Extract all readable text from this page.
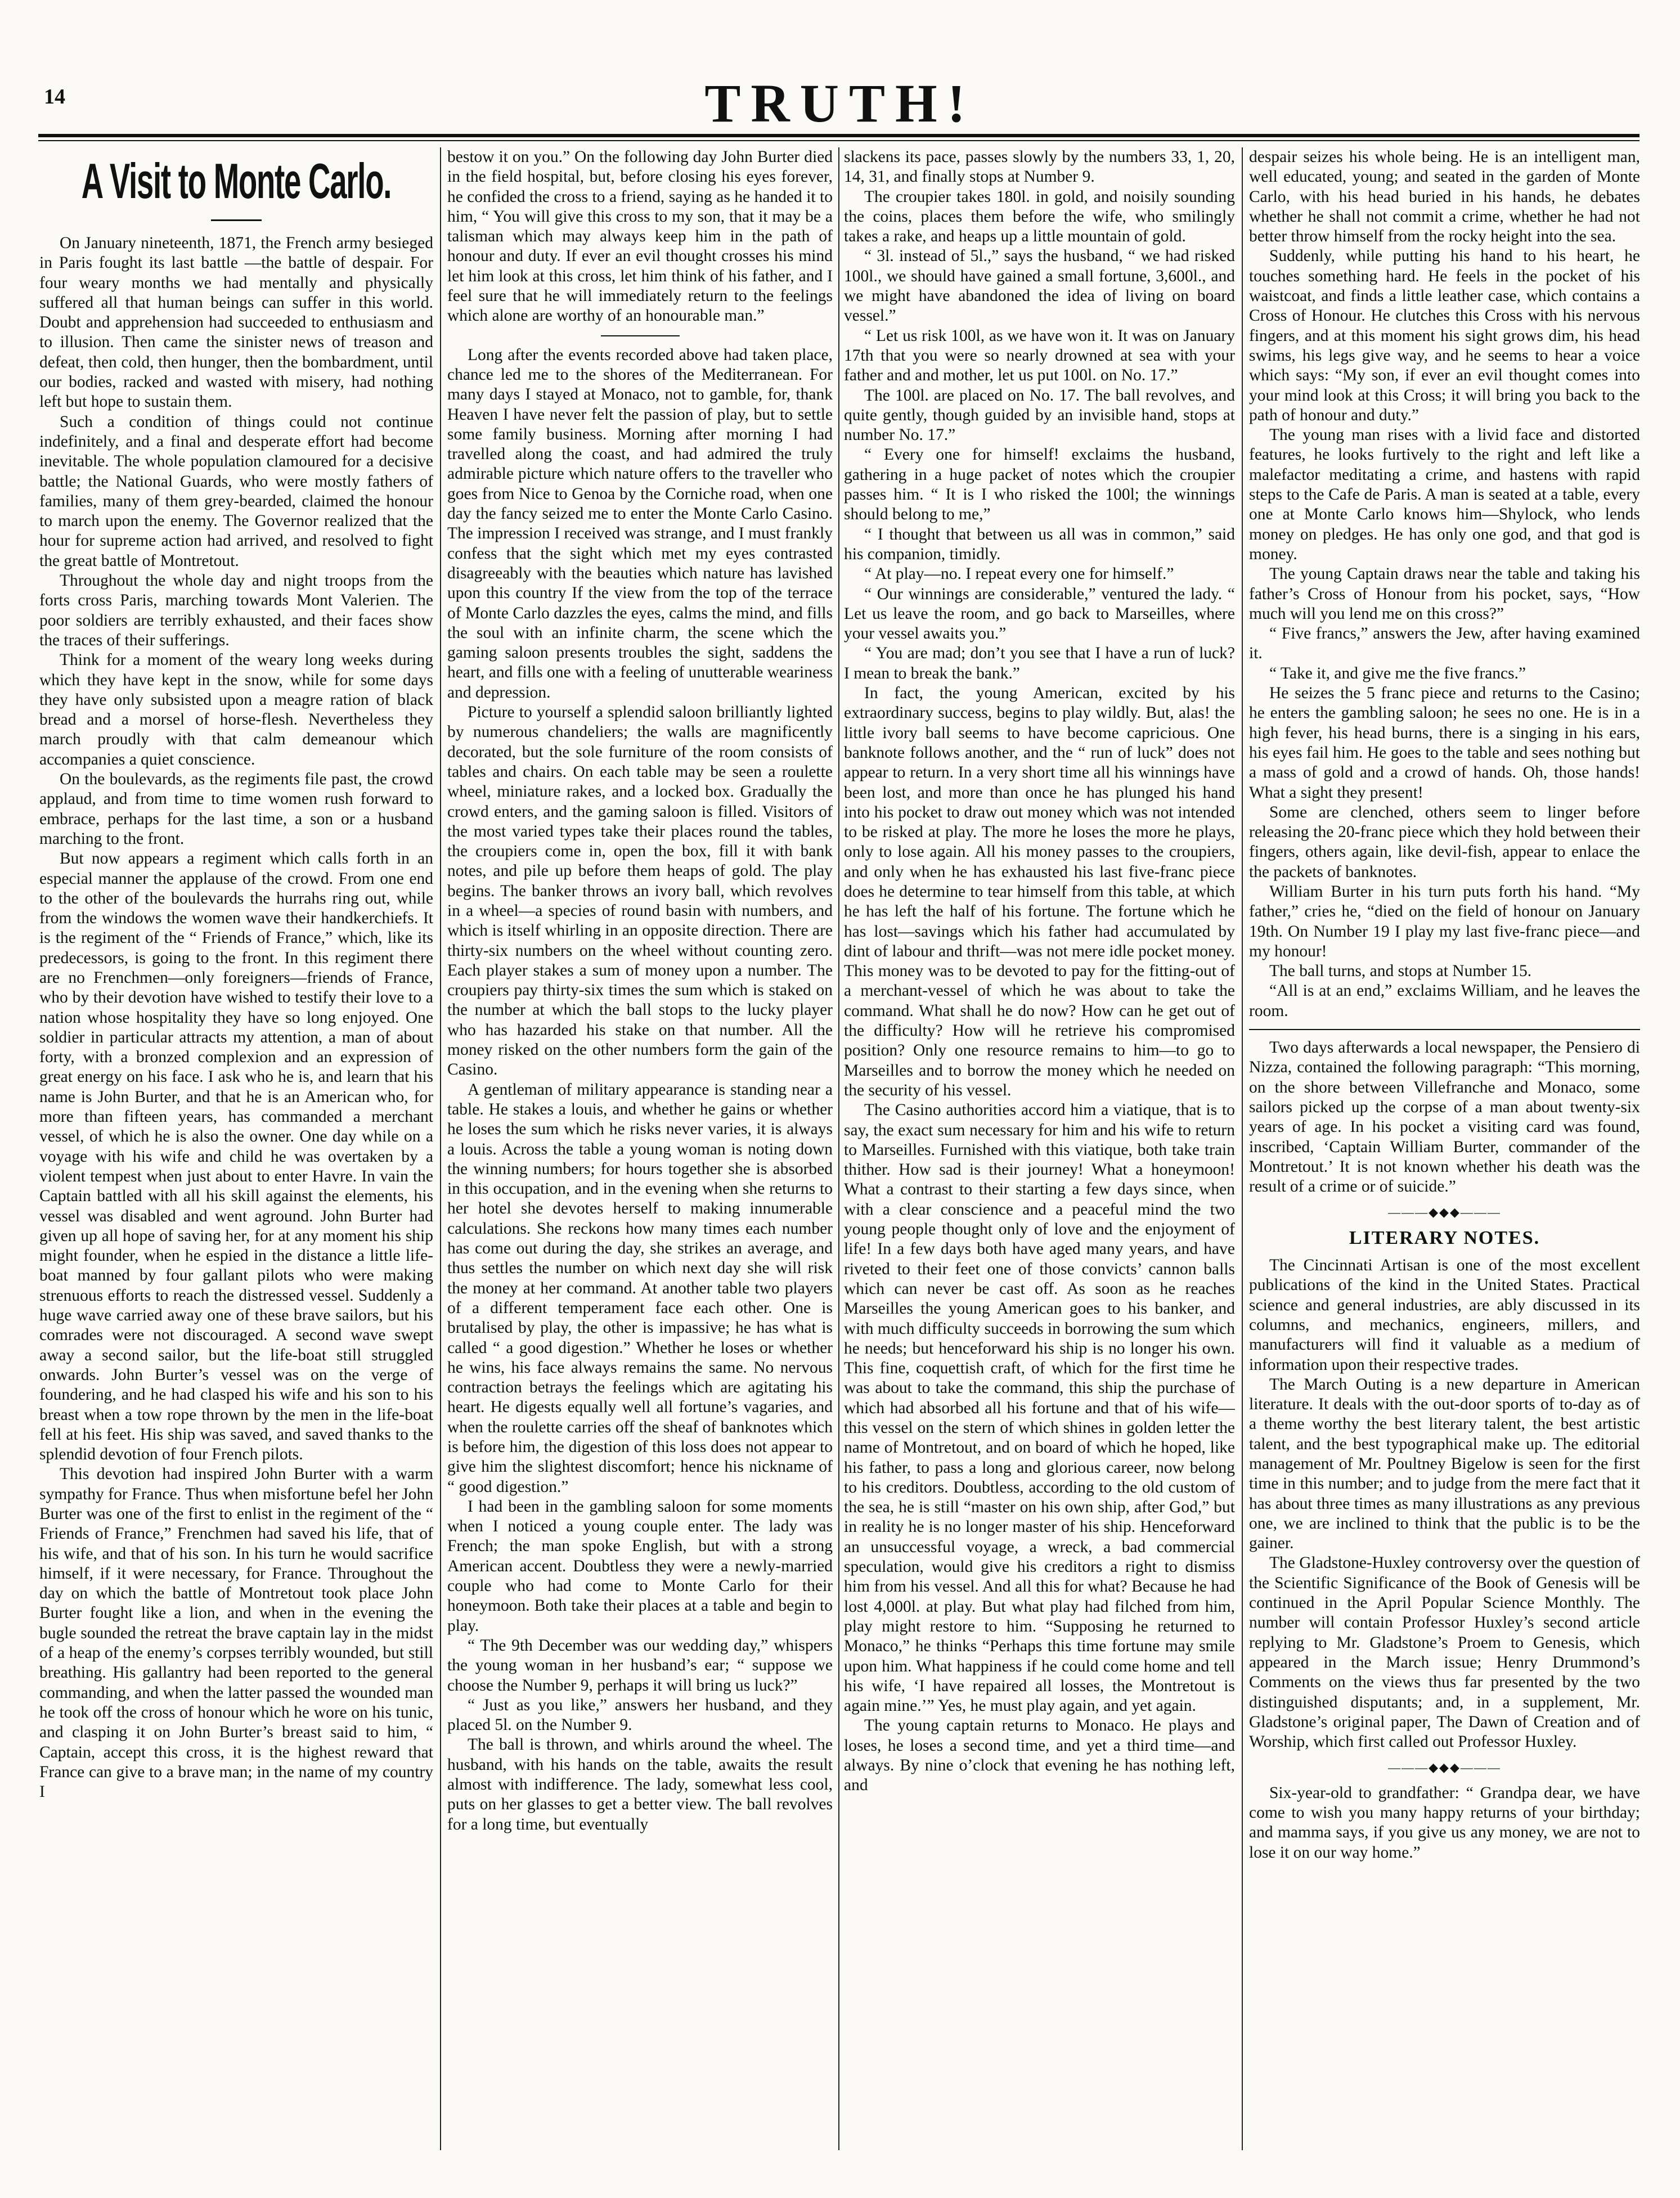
14	TRUTH!
A Visit to Monte Carlo.

On January nineteenth, 1871, the French army besieged in Paris fought its last battle —the battle of despair. For four weary months we had mentally and physically suffered all that human beings can suffer in this world. Doubt and apprehension had succeeded to enthusiasm and to illusion. Then came the sinister news of treason and defeat, then cold, then hunger, then the bombardment, until our bodies, racked and wasted with misery, had nothing left but hope to sustain them.

Such a condition of things could not continue indefinitely, and a final and desperate effort had become inevitable. The whole population clamoured for a decisive battle; the National Guards, who were mostly fathers of families, many of them grey-bearded, claimed the honour to march upon the enemy. The Governor realized that the hour for supreme action had arrived, and resolved to fight the great battle of Montretout.

Throughout the whole day and night troops from the forts cross Paris, marching towards Mont Valerien. The poor soldiers are terribly exhausted, and their faces show the traces of their sufferings.

Think for a moment of the weary long weeks during which they have kept in the snow, while for some days they have only subsisted upon a meagre ration of black bread and a morsel of horse-flesh. Nevertheless they march proudly with that calm demeanour which accompanies a quiet conscience.

On the boulevards, as the regiments file past, the crowd applaud, and from time to time women rush forward to embrace, perhaps for the last time, a son or a husband marching to the front.

But now appears a regiment which calls forth in an especial manner the applause of the crowd. From one end to the other of the boulevards the hurrahs ring out, while from the windows the women wave their handkerchiefs. It is the regiment of the “ Friends of France,” which, like its predecessors, is going to the front. In this regiment there are no Frenchmen—only foreigners—friends of France, who by their devotion have wished to testify their love to a nation whose hospitality they have so long enjoyed. One soldier in particular attracts my attention, a man of about forty, with a bronzed complexion and an expression of great energy on his face. I ask who he is, and learn that his name is John Burter, and that he is an American who, for more than fifteen years, has commanded a merchant vessel, of which he is also the owner. One day while on a voyage with his wife and child he was overtaken by a violent tempest when just about to enter Havre. In vain the Captain battled with all his skill against the elements, his vessel was disabled and went aground. John Burter had given up all hope of saving her, for at any moment his ship might founder, when he espied in the distance a little life-boat manned by four gallant pilots who were making strenuous efforts to reach the distressed vessel. Suddenly a huge wave carried away one of these brave sailors, but his comrades were not discouraged. A second wave swept away a second sailor, but the life-boat still struggled onwards. John Burter’s vessel was on the verge of foundering, and he had clasped his wife and his son to his breast when a tow rope thrown by the men in the life-boat fell at his feet. His ship was saved, and saved thanks to the splendid devotion of four French pilots.

This devotion had inspired John Burter with a warm sympathy for France. Thus when misfortune befel her John Burter was one of the first to enlist in the regiment of the “ Friends of France,” Frenchmen had saved his life, that of his wife, and that of his son. In his turn he would sacrifice himself, if it were necessary, for France. Throughout the day on which the battle of Montretout took place John Burter fought like a lion, and when in the evening the bugle sounded the retreat the brave captain lay in the midst of a heap of the enemy’s corpses terribly wounded, but still breathing. His gallantry had been reported to the general commanding, and when the latter passed the wounded man he took off the cross of honour which he wore on his tunic, and clasping it on John Burter’s breast said to him, “ Captain, accept this cross, it is the highest reward that France can give to a brave man; in the name of my country I

bestow it on you.” On the following day John Burter died in the field hospital, but, before closing his eyes forever, he confided the cross to a friend, saying as he handed it to him, “ You will give this cross to my son, that it may be a talisman which may always keep him in the path of honour and duty. If ever an evil thought crosses his mind let him look at this cross, let him think of his father, and I feel sure that he will immediately return to the feelings which alone are worthy of an honourable man.”

Long after the events recorded above had taken place, chance led me to the shores of the Mediterranean. For many days I stayed at Monaco, not to gamble, for, thank Heaven I have never felt the passion of play, but to settle some family business. Morning after morning I had travelled along the coast, and had admired the truly admirable picture which nature offers to the traveller who goes from Nice to Genoa by the Corniche road, when one day the fancy seized me to enter the Monte Carlo Casino. The impression I received was strange, and I must frankly confess that the sight which met my eyes contrasted disagreeably with the beauties which nature has lavished upon this country If the view from the top of the terrace of Monte Carlo dazzles the eyes, calms the mind, and fills the soul with an infinite charm, the scene which the gaming saloon presents troubles the sight, saddens the heart, and fills one with a feeling of unutterable weariness and depression.

Picture to yourself a splendid saloon brilliantly lighted by numerous chandeliers; the walls are magnificently decorated, but the sole furniture of the room consists of tables and chairs. On each table may be seen a roulette wheel, miniature rakes, and a locked box. Gradually the crowd enters, and the gaming saloon is filled. Visitors of the most varied types take their places round the tables, the croupiers come in, open the box, fill it with bank notes, and pile up before them heaps of gold. The play begins. The banker throws an ivory ball, which revolves in a wheel—a species of round basin with numbers, and which is itself whirling in an opposite direction. There are thirty-six numbers on the wheel without counting zero. Each player stakes a sum of money upon a number. The croupiers pay thirty-six times the sum which is staked on the number at which the ball stops to the lucky player who has hazarded his stake on that number. All the money risked on the other numbers form the gain of the Casino.

A gentleman of military appearance is standing near a table. He stakes a louis, and whether he gains or whether he loses the sum which he risks never varies, it is always a louis. Across the table a young woman is noting down the winning numbers; for hours together she is absorbed in this occupation, and in the evening when she returns to her hotel she devotes herself to making innumerable calculations. She reckons how many times each number has come out during the day, she strikes an average, and thus settles the number on which next day she will risk the money at her command. At another table two players of a different temperament face each other. One is brutalised by play, the other is impassive; he has what is called “ a good digestion.” Whether he loses or whether he wins, his face always remains the same. No nervous contraction betrays the feelings which are agitating his heart. He digests equally well all fortune’s vagaries, and when the roulette carries off the sheaf of banknotes which is before him, the digestion of this loss does not appear to give him the slightest discomfort; hence his nickname of “ good digestion.”

I had been in the gambling saloon for some moments when I noticed a young couple enter. The lady was French; the man spoke English, but with a strong American accent. Doubtless they were a newly-married couple who had come to Monte Carlo for their honeymoon. Both take their places at a table and begin to play.

“ The 9th December was our wedding day,” whispers the young woman in her husband’s ear; “ suppose we choose the Number 9, perhaps it will bring us luck?”

“ Just as you like,” answers her husband, and they placed 5l. on the Number 9.

The ball is thrown, and whirls around the wheel. The husband, with his hands on the table, awaits the result almost with indifference. The lady, somewhat less cool, puts on her glasses to get a better view. The ball revolves for a long time, but eventually

slackens its pace, passes slowly by the numbers 33, 1, 20, 14, 31, and finally stops at Number 9.

The croupier takes 180l. in gold, and noisily sounding the coins, places them before the wife, who smilingly takes a rake, and heaps up a little mountain of gold.

“ 3l. instead of 5l.,” says the husband, “ we had risked 100l., we should have gained a small fortune, 3,600l., and we might have abandoned the idea of living on board vessel.”

“ Let us risk 100l, as we have won it. It was on January 17th that you were so nearly drowned at sea with your father and and mother, let us put 100l. on No. 17.”

The 100l. are placed on No. 17. The ball revolves, and quite gently, though guided by an invisible hand, stops at number No. 17.”

“ Every one for himself! exclaims the husband, gathering in a huge packet of notes which the croupier passes him. “ It is I who risked the 100l; the winnings should belong to me,”

“ I thought that between us all was in common,” said his companion, timidly.

“ At play—no. I repeat every one for himself.”

“ Our winnings are considerable,” ventured the lady. “ Let us leave the room, and go back to Marseilles, where your vessel awaits you.”

“ You are mad; don’t you see that I have a run of luck? I mean to break the bank.”

In fact, the young American, excited by his extraordinary success, begins to play wildly. But, alas! the little ivory ball seems to have become capricious. One banknote follows another, and the “ run of luck” does not appear to return. In a very short time all his winnings have been lost, and more than once he has plunged his hand into his pocket to draw out money which was not intended to be risked at play. The more he loses the more he plays, only to lose again. All his money passes to the croupiers, and only when he has exhausted his last five-franc piece does he determine to tear himself from this table, at which he has left the half of his fortune. The fortune which he has lost—savings which his father had accumulated by dint of labour and thrift—was not mere idle pocket money. This money was to be devoted to pay for the fitting-out of a merchant-vessel of which he was about to take the command. What shall he do now? How can he get out of the difficulty? How will he retrieve his compromised position? Only one resource remains to him—to go to Marseilles and to borrow the money which he needed on the security of his vessel.

The Casino authorities accord him a viatique, that is to say, the exact sum necessary for him and his wife to return to Marseilles. Furnished with this viatique, both take train thither. How sad is their journey! What a honeymoon! What a contrast to their starting a few days since, when with a clear conscience and a peaceful mind the two young people thought only of love and the enjoyment of life! In a few days both have aged many years, and have riveted to their feet one of those convicts’ cannon balls which can never be cast off. As soon as he reaches Marseilles the young American goes to his banker, and with much difficulty succeeds in borrowing the sum which he needs; but henceforward his ship is no longer his own. This fine, coquettish craft, of which for the first time he was about to take the command, this ship the purchase of which had absorbed all his fortune and that of his wife—this vessel on the stern of which shines in golden letter the name of Montretout, and on board of which he hoped, like his father, to pass a long and glorious career, now belong to his creditors. Doubtless, according to the old custom of the sea, he is still “master on his own ship, after God,” but in reality he is no longer master of his ship. Henceforward an unsuccessful voyage, a wreck, a bad commercial speculation, would give his creditors a right to dismiss him from his vessel. And all this for what? Because he had lost 4,000l. at play. But what play had filched from him, play might restore to him. “Supposing he returned to Monaco,” he thinks “Perhaps this time fortune may smile upon him. What happiness if he could come home and tell his wife, ‘I have repaired all losses, the Montretout is again mine.’” Yes, he must play again, and yet again.

The young captain returns to Monaco. He plays and loses, he loses a second time, and yet a third time—and always. By nine o’clock that evening he has nothing left, and

despair seizes his whole being. He is an intelligent man, well educated, young; and seated in the garden of Monte Carlo, with his head buried in his hands, he debates whether he shall not commit a crime, whether he had not better throw himself from the rocky height into the sea.

Suddenly, while putting his hand to his heart, he touches something hard. He feels in the pocket of his waistcoat, and finds a little leather case, which contains a Cross of Honour. He clutches this Cross with his nervous fingers, and at this moment his sight grows dim, his head swims, his legs give way, and he seems to hear a voice which says: “My son, if ever an evil thought comes into your mind look at this Cross; it will bring you back to the path of honour and duty.”

The young man rises with a livid face and distorted features, he looks furtively to the right and left like a malefactor meditating a crime, and hastens with rapid steps to the Cafe de Paris. A man is seated at a table, every one at Monte Carlo knows him—Shylock, who lends money on pledges. He has only one god, and that god is money.

The young Captain draws near the table and taking his father’s Cross of Honour from his pocket, says, “How much will you lend me on this cross?”

“ Five francs,” answers the Jew, after having examined it.

“ Take it, and give me the five francs.”

He seizes the 5 franc piece and returns to the Casino; he enters the gambling saloon; he sees no one. He is in a high fever, his head burns, there is a singing in his ears, his eyes fail him. He goes to the table and sees nothing but a mass of gold and a crowd of hands. Oh, those hands! What a sight they present!

Some are clenched, others seem to linger before releasing the 20-franc piece which they hold between their fingers, others again, like devil-fish, appear to enlace the the packets of banknotes.

William Burter in his turn puts forth his hand. “My father,” cries he, “died on the field of honour on January 19th. On Number 19 I play my last five-franc piece—and my honour!

The ball turns, and stops at Number 15.

“All is at an end,” exclaims William, and he leaves the room.

Two days afterwards a local newspaper, the Pensiero di Nizza, contained the following paragraph: “This morning, on the shore between Villefranche and Monaco, some sailors picked up the corpse of a man about twenty-six years of age. In his pocket a visiting card was found, inscribed, ‘Captain William Burter, commander of the Montretout.’ It is not known whether his death was the result of a crime or of suicide.”

———◆◆◆———
LITERARY NOTES.

The Cincinnati Artisan is one of the most excellent publications of the kind in the United States. Practical science and general industries, are ably discussed in its columns, and mechanics, engineers, millers, and manufacturers will find it valuable as a medium of information upon their respective trades.

The March Outing is a new departure in American literature. It deals with the out-door sports of to-day as of a theme worthy the best literary talent, the best artistic talent, and the best typographical make up. The editorial management of Mr. Poultney Bigelow is seen for the first time in this number; and to judge from the mere fact that it has about three times as many illustrations as any previous one, we are inclined to think that the public is to be the gainer.

The Gladstone-Huxley controversy over the question of the Scientific Significance of the Book of Genesis will be continued in the April Popular Science Monthly. The number will contain Professor Huxley’s second article replying to Mr. Gladstone’s Proem to Genesis, which appeared in the March issue; Henry Drummond’s Comments on the views thus far presented by the two distinguished disputants; and, in a supplement, Mr. Gladstone’s original paper, The Dawn of Creation and of Worship, which first called out Professor Huxley.

———◆◆◆———

Six-year-old to grandfather: “ Grandpa dear, we have come to wish you many happy returns of your birthday; and mamma says, if you give us any money, we are not to lose it on our way home.”
